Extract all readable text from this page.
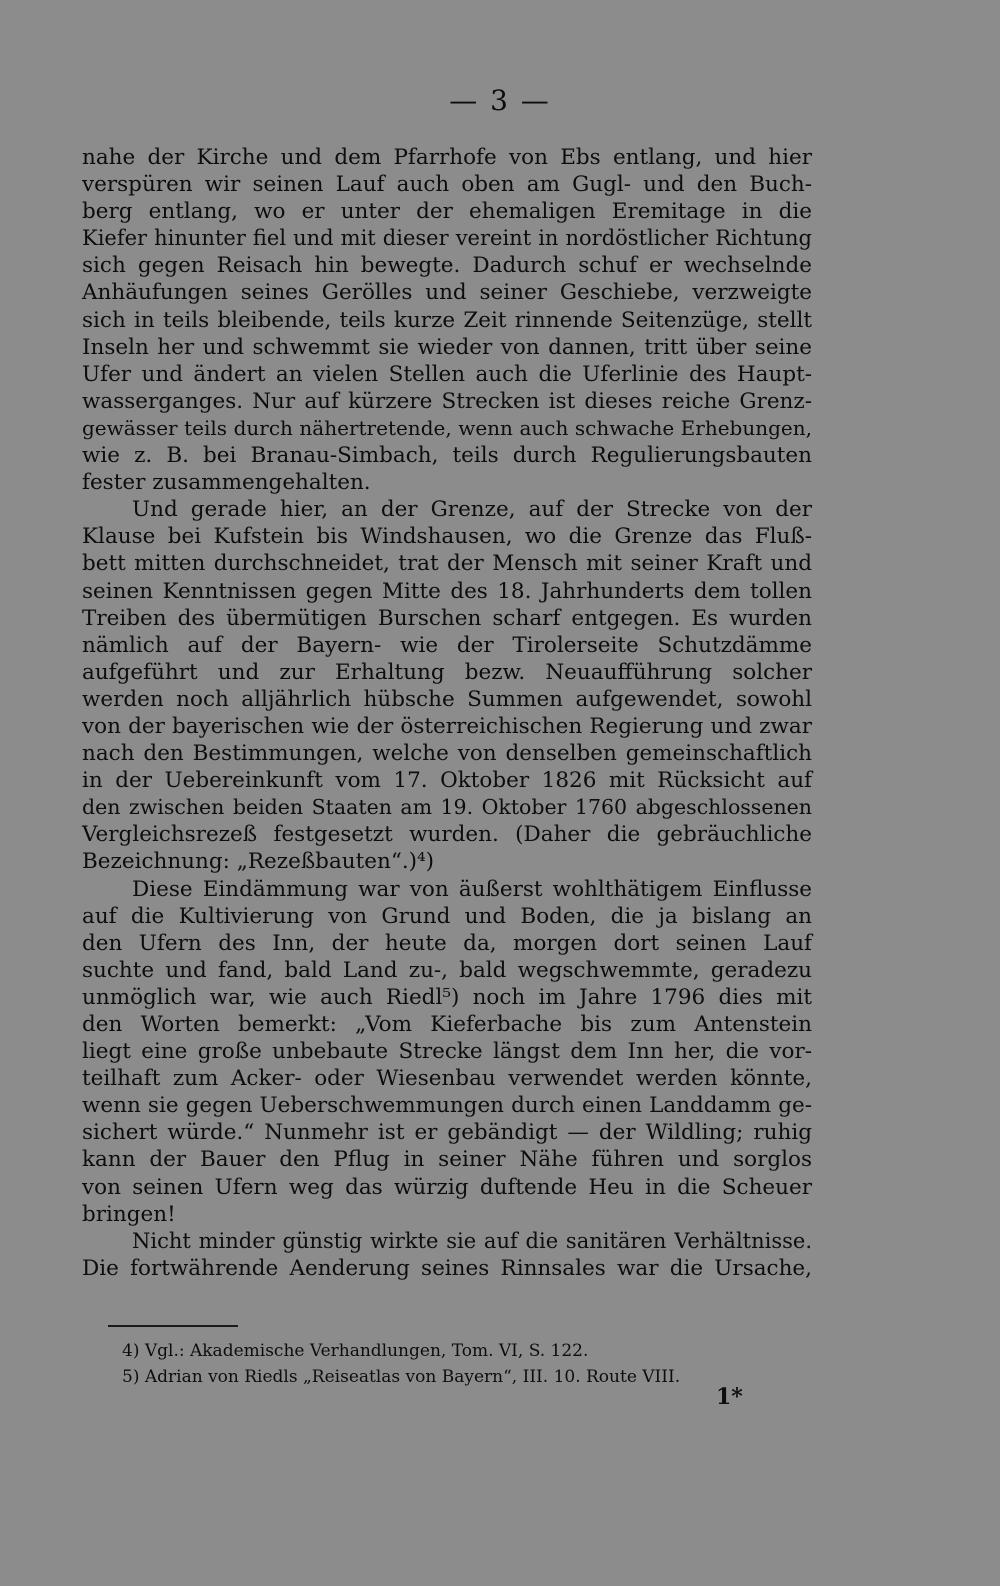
— 3 —
nahe der Kirche und dem Pfarrhofe von Ebs entlang, und hier
verspüren wir seinen Lauf auch oben am Gugl- und den Buch-
berg entlang, wo er unter der ehemaligen Eremitage in die
Kiefer hinunter fiel und mit dieser vereint in nordöstlicher Richtung
sich gegen Reisach hin bewegte. Dadurch schuf er wechselnde
Anhäufungen seines Gerölles und seiner Geschiebe, verzweigte
sich in teils bleibende, teils kurze Zeit rinnende Seitenzüge, stellt
Inseln her und schwemmt sie wieder von dannen, tritt über seine
Ufer und ändert an vielen Stellen auch die Uferlinie des Haupt-
wasserganges. Nur auf kürzere Strecken ist dieses reiche Grenz-
gewässer teils durch nähertretende, wenn auch schwache Erhebungen,
wie z. B. bei Branau-Simbach, teils durch Regulierungsbauten
fester zusammengehalten.
Und gerade hier, an der Grenze, auf der Strecke von der
Klause bei Kufstein bis Windshausen, wo die Grenze das Fluß-
bett mitten durchschneidet, trat der Mensch mit seiner Kraft und
seinen Kenntnissen gegen Mitte des 18. Jahrhunderts dem tollen
Treiben des übermütigen Burschen scharf entgegen. Es wurden
nämlich auf der Bayern- wie der Tirolerseite Schutzdämme
aufgeführt und zur Erhaltung bezw. Neuaufführung solcher
werden noch alljährlich hübsche Summen aufgewendet, sowohl
von der bayerischen wie der österreichischen Regierung und zwar
nach den Bestimmungen, welche von denselben gemeinschaftlich
in der Uebereinkunft vom 17. Oktober 1826 mit Rücksicht auf
den zwischen beiden Staaten am 19. Oktober 1760 abgeschlossenen
Vergleichsrezeß festgesetzt wurden. (Daher die gebräuchliche
Bezeichnung: „Rezeßbauten“.)⁴)
Diese Eindämmung war von äußerst wohlthätigem Einflusse
auf die Kultivierung von Grund und Boden, die ja bislang an
den Ufern des Inn, der heute da, morgen dort seinen Lauf
suchte und fand, bald Land zu-, bald wegschwemmte, geradezu
unmöglich war, wie auch Riedl⁵) noch im Jahre 1796 dies mit
den Worten bemerkt: „Vom Kieferbache bis zum Antenstein
liegt eine große unbebaute Strecke längst dem Inn her, die vor-
teilhaft zum Acker- oder Wiesenbau verwendet werden könnte,
wenn sie gegen Ueberschwemmungen durch einen Landdamm ge-
sichert würde.“ Nunmehr ist er gebändigt — der Wildling; ruhig
kann der Bauer den Pflug in seiner Nähe führen und sorglos
von seinen Ufern weg das würzig duftende Heu in die Scheuer
bringen!
Nicht minder günstig wirkte sie auf die sanitären Verhältnisse.
Die fortwährende Aenderung seines Rinnsales war die Ursache,
4) Vgl.: Akademische Verhandlungen, Tom. VI, S. 122.
5) Adrian von Riedls „Reiseatlas von Bayern“, III. 10. Route VIII.
1*
